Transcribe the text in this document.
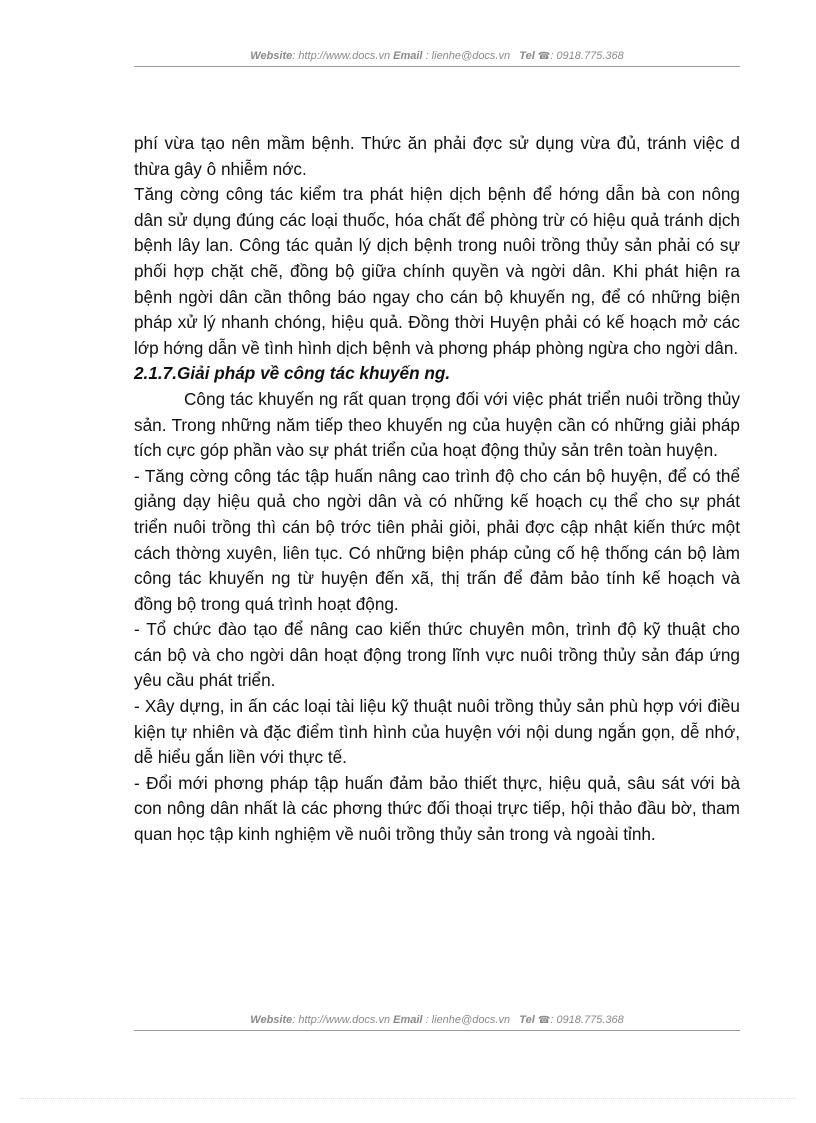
Website: http://www.docs.vn Email : lienhe@docs.vn Tel ☎: 0918.775.368

phí vừa tạo nên mầm bệnh. Thức ăn phải đợc sử dụng vừa đủ, tránh việc d thừa gây ô nhiễm nớc.

Tăng cờng công tác kiểm tra phát hiện dịch bệnh để hớng dẫn bà con nông dân sử dụng đúng các loại thuốc, hóa chất để phòng trừ có hiệu quả tránh dịch bệnh lây lan. Công tác quản lý dịch bệnh trong nuôi trồng thủy sản phải có sự phối hợp chặt chẽ, đồng bộ giữa chính quyền và ngời dân. Khi phát hiện ra bệnh ngời dân cần thông báo ngay cho cán bộ khuyến ng, để có những biện pháp xử lý nhanh chóng, hiệu quả. Đồng thời Huyện phải có kế hoạch mở các lớp hớng dẫn về tình hình dịch bệnh và phơng pháp phòng ngừa cho ngời dân.

2.1.7.Giải pháp về công tác khuyến ng.

Công tác khuyến ng rất quan trọng đối với việc phát triển nuôi trồng thủy sản. Trong những năm tiếp theo khuyến ng của huyện cần có những giải pháp tích cực góp phần vào sự phát triển của hoạt động thủy sản trên toàn huyện.

- Tăng cờng công tác tập huấn nâng cao trình độ cho cán bộ huyện, để có thể giảng dạy hiệu quả cho ngời dân và có những kế hoạch cụ thể cho sự phát triển nuôi trồng thì cán bộ trớc tiên phải giỏi, phải đợc cập nhật kiến thức một cách thờng xuyên, liên tục. Có những biện pháp củng cố hệ thống cán bộ làm công tác khuyến ng từ huyện đến xã, thị trấn để đảm bảo tính kế hoạch và đồng bộ trong quá trình hoạt động.

- Tổ chức đào tạo để nâng cao kiến thức chuyên môn, trình độ kỹ thuật cho cán bộ và cho ngời dân hoạt động trong lĩnh vực nuôi trồng thủy sản đáp ứng yêu cầu phát triển.

- Xây dựng, in ấn các loại tài liệu kỹ thuật nuôi trồng thủy sản phù hợp với điều kiện tự nhiên và đặc điểm tình hình của huyện với nội dung ngắn gọn, dễ nhớ, dễ hiểu gắn liền với thực tế.

- Đổi mới phơng pháp tập huấn đảm bảo thiết thực, hiệu quả, sâu sát với bà con nông dân nhất là các phơng thức đối thoại trực tiếp, hội thảo đầu bờ, tham quan học tập kinh nghiệm về nuôi trồng thủy sản trong và ngoài tỉnh.

Website: http://www.docs.vn Email : lienhe@docs.vn Tel ☎: 0918.775.368
